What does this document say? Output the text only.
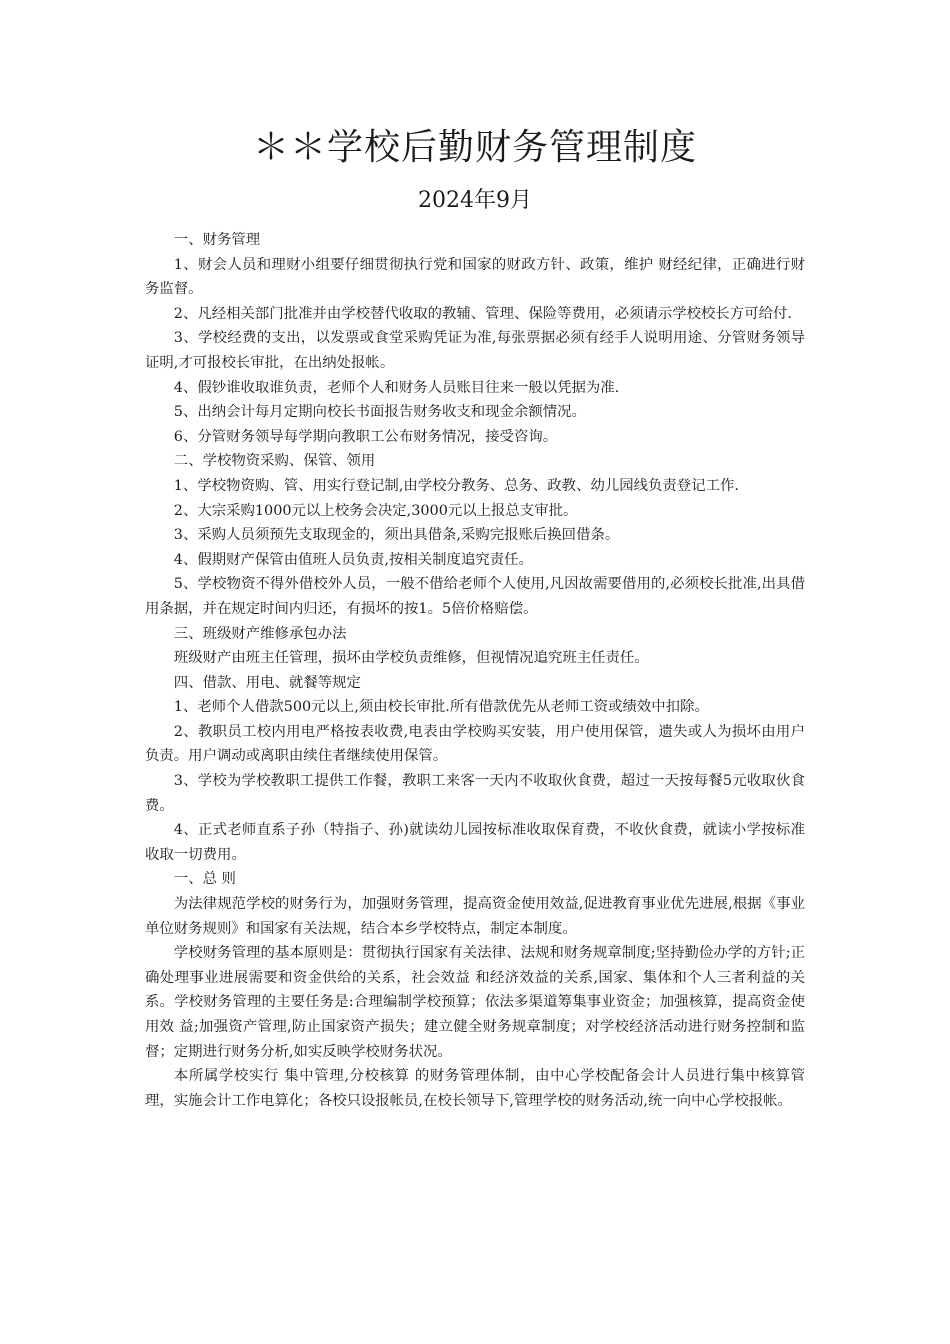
＊＊学校后勤财务管理制度
2024年9月

一、财务管理

1、财会人员和理财小组要仔细贯彻执行党和国家的财政方针、政策，维护 财经纪律，正确进行财务监督。

2、凡经相关部门批准并由学校替代收取的教辅、管理、保险等费用，必须请示学校校长方可给付.

3、学校经费的支出，以发票或食堂采购凭证为准,每张票据必须有经手人说明用途、分管财务领导证明,才可报校长审批，在出纳处报帐。

4、假钞谁收取谁负责，老师个人和财务人员账目往来一般以凭据为准.

5、出纳会计每月定期向校长书面报告财务收支和现金余额情况。

6、分管财务领导每学期向教职工公布财务情况，接受咨询。

二、学校物资采购、保管、领用

1、学校物资购、管、用实行登记制,由学校分教务、总务、政教、幼儿园线负责登记工作.

2、大宗采购1000元以上校务会决定,3000元以上报总支审批。

3、采购人员须预先支取现金的，须出具借条,采购完报账后换回借条。

4、假期财产保管由值班人员负责,按相关制度追究责任。

5、学校物资不得外借校外人员，一般不借给老师个人使用,凡因故需要借用的,必须校长批准,出具借用条据，并在规定时间内归还，有损坏的按1。5倍价格赔偿。

三、班级财产维修承包办法

班级财产由班主任管理，损坏由学校负责维修，但视情况追究班主任责任。

四、借款、用电、就餐等规定

1、老师个人借款500元以上,须由校长审批.所有借款优先从老师工资或绩效中扣除。

2、教职员工校内用电严格按表收费,电表由学校购买安装，用户使用保管，遗失或人为损坏由用户负责。用户调动或离职由续住者继续使用保管。

3、学校为学校教职工提供工作餐，教职工来客一天内不收取伙食费，超过一天按每餐5元收取伙食费。

4、正式老师直系子孙（特指子、孙)就读幼儿园按标准收取保育费，不收伙食费，就读小学按标准收取一切费用。

一、总 则

为法律规范学校的财务行为，加强财务管理，提高资金使用效益,促进教育事业优先进展,根据《事业单位财务规则》和国家有关法规，结合本乡学校特点，制定本制度。

学校财务管理的基本原则是：贯彻执行国家有关法律、法规和财务规章制度;坚持勤俭办学的方针;正确处理事业进展需要和资金供给的关系，社会效益 和经济效益的关系,国家、集体和个人三者利益的关系。学校财务管理的主要任务是:合理编制学校预算；依法多渠道筹集事业资金；加强核算，提高资金使用效 益;加强资产管理,防止国家资产损失；建立健全财务规章制度；对学校经济活动进行财务控制和监督；定期进行财务分析,如实反映学校财务状况。

本所属学校实行 集中管理,分校核算 的财务管理体制，由中心学校配备会计人员进行集中核算管理，实施会计工作电算化；各校只设报帐员,在校长领导下,管理学校的财务活动,统一向中心学校报帐。
